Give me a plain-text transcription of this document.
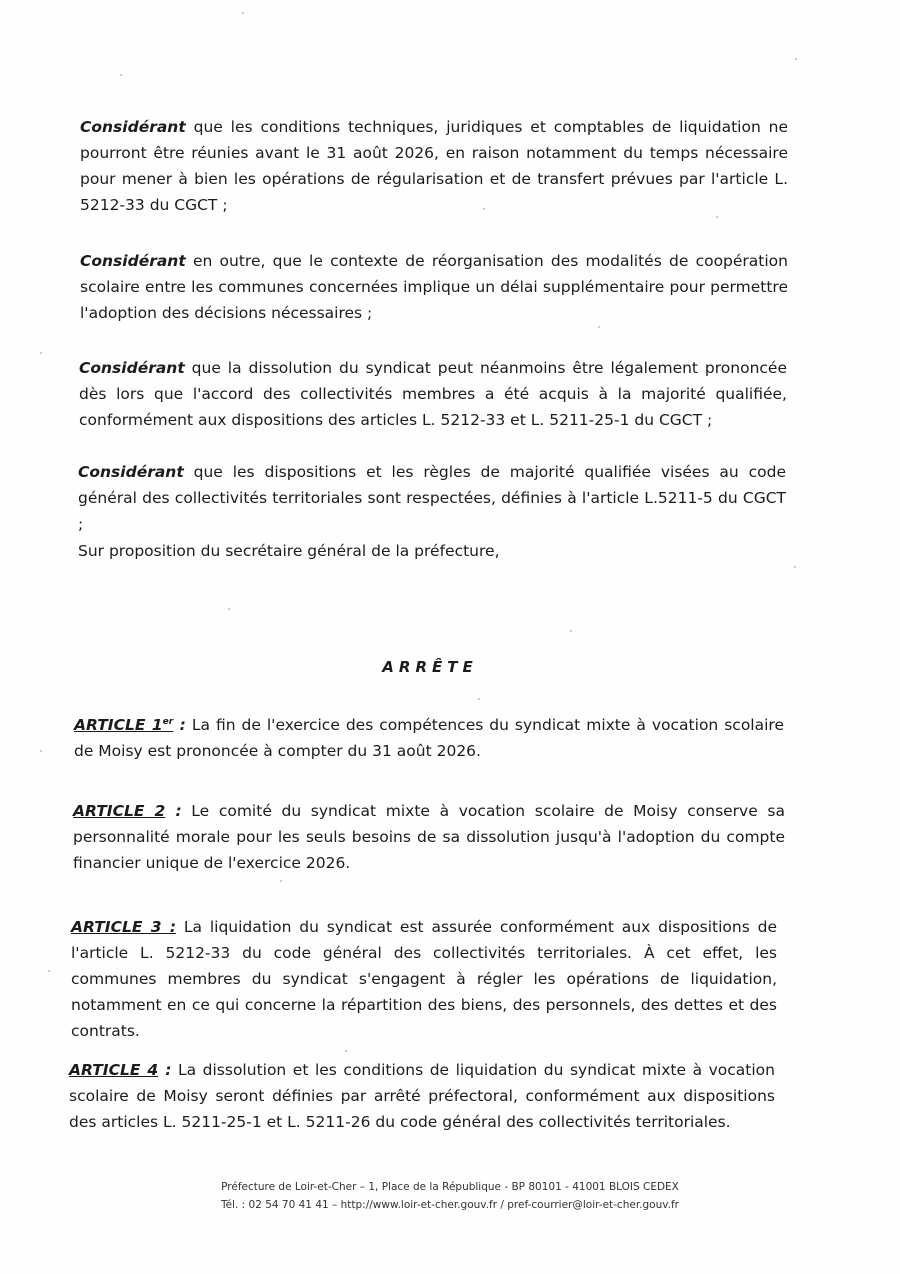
Considérant que les conditions techniques, juridiques et comptables de liquidation ne pourront être réunies avant le 31 août 2026, en raison notamment du temps nécessaire pour mener à bien les opérations de régularisation et de transfert prévues par l'article L. 5212-33 du CGCT ;

Considérant en outre, que le contexte de réorganisation des modalités de coopération scolaire entre les communes concernées implique un délai supplémentaire pour permettre l'adoption des décisions nécessaires ;

Considérant que la dissolution du syndicat peut néanmoins être légalement prononcée dès lors que l'accord des collectivités membres a été acquis à la majorité qualifiée, conformément aux dispositions des articles L. 5212-33 et L. 5211-25-1 du CGCT ;

Considérant que les dispositions et les règles de majorité qualifiée visées au code général des collectivités territoriales sont respectées, définies à l'article L.5211-5 du CGCT ;

Sur proposition du secrétaire général de la préfecture,

ARRÊTE

ARTICLE 1er : La fin de l'exercice des compétences du syndicat mixte à vocation scolaire de Moisy est prononcée à compter du 31 août 2026.

ARTICLE 2 : Le comité du syndicat mixte à vocation scolaire de Moisy conserve sa personnalité morale pour les seuls besoins de sa dissolution jusqu'à l'adoption du compte financier unique de l'exercice 2026.

ARTICLE 3 : La liquidation du syndicat est assurée conformément aux dispositions de l'article L. 5212-33 du code général des collectivités territoriales. À cet effet, les communes membres du syndicat s'engagent à régler les opérations de liquidation, notamment en ce qui concerne la répartition des biens, des personnels, des dettes et des contrats.

ARTICLE 4 : La dissolution et les conditions de liquidation du syndicat mixte à vocation scolaire de Moisy seront définies par arrêté préfectoral, conformément aux dispositions des articles L. 5211-25-1 et L. 5211-26 du code général des collectivités territoriales.

Préfecture de Loir-et-Cher – 1, Place de la République - BP 80101 - 41001 BLOIS CEDEX

Tél. : 02 54 70 41 41 – http://www.loir-et-cher.gouv.fr / pref-courrier@loir-et-cher.gouv.fr
